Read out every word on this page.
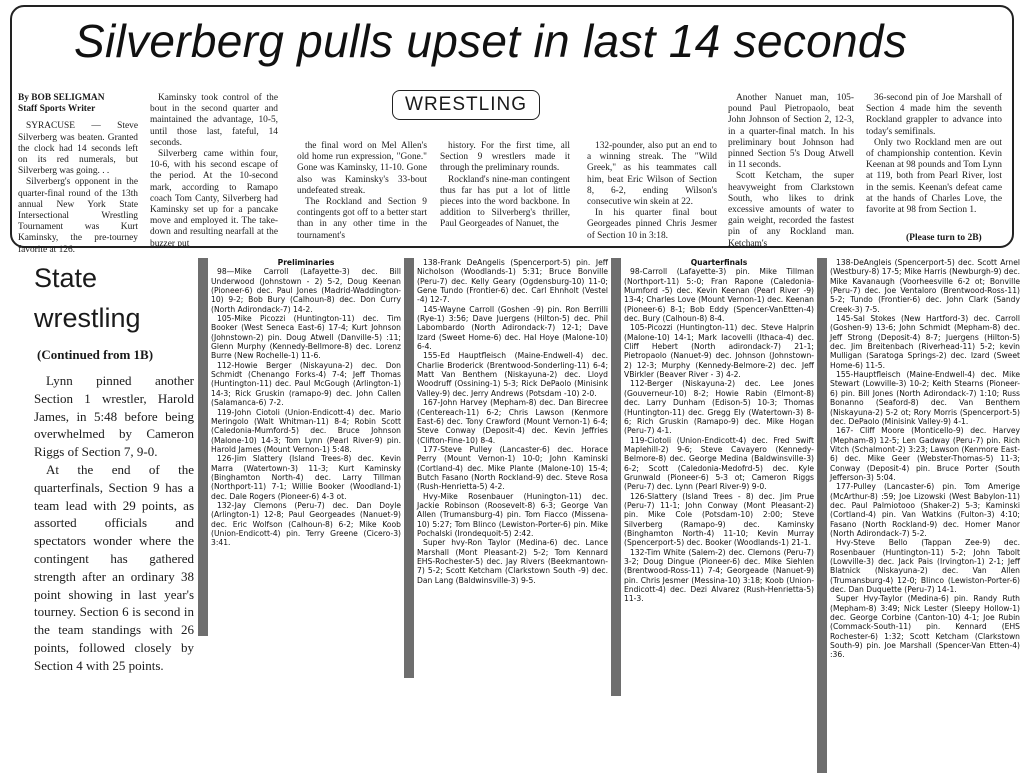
Silverberg pulls upset in last 14 seconds

By BOB SELIGMAN

Staff Sports Writer

SYRACUSE — Steve Silverberg was beaten. Granted the clock had 14 seconds left on its red numerals, but Silverberg was going. . .

Silverberg's opponent in the quarter-final round of the 13th annual New York State Intersectional Wrestling Tournament was Kurt Kaminsky, the pre-tourney favorite at 126.

Kaminsky took control of the bout in the second quarter and maintained the advantage, 10-5, until those last, fateful, 14 seconds.

Silverberg came within four, 10-6, with his second escape of the period. At the 10-second mark, according to Ramapo coach Tom Canty, Silverberg had Kaminsky set up for a pancake move and employed it. The take-down and resulting nearfall at the buzzer put

WRESTLING

the final word on Mel Allen's old home run expression, "Gone." Gone was Kaminsky, 11-10. Gone also was Kaminsky's 33-bout undefeated streak.

The Rockland and Section 9 contingents got off to a better start than in any other time in the tournament's

history. For the first time, all Section 9 wrestlers made it through the preliminary rounds.

Rockland's nine-man contingent thus far has put a lot of little pieces into the word backbone. In addition to Silverberg's thriller, Paul Georgeades of Nanuet, the

132-pounder, also put an end to a winning streak. The "Wild Greek," as his teammates call him, beat Eric Wilson of Section 8, 6-2, ending Wilson's consecutive win skein at 22.

In his quarter final bout Georgeades pinned Chris Jesmer of Section 10 in 3:18.

Another Nanuet man, 105-pound Paul Pietropaolo, beat John Johnson of Section 2, 12-3, in a quarter-final match. In his preliminary bout Johnson had pinned Section 5's Doug Atwell in 11 seconds.

Scott Ketcham, the super heavyweight from Clarkstown South, who likes to drink excessive amounts of water to gain weight, recorded the fastest pin of any Rockland man. Ketcham's

36-second pin of Joe Marshall of Section 4 made him the seventh Rockland grappler to advance into today's semifinals.

Only two Rockland men are out of championship contention. Kevin Keenan at 98 pounds and Tom Lynn at 119, both from Pearl River, lost in the semis. Keenan's defeat came at the hands of Charles Love, the favorite at 98 from Section 1.

(Please turn to 2B)
State wrestling
(Continued from 1B)

Lynn pinned another Section 1 wrestler, Harold James, in 5:48 before being overwhelmed by Cameron Riggs of Section 7, 9-0.

At the end of the quarterfinals, Section 9 has a team lead with 29 points, as assorted officials and spectators wonder where the contingent has gathered strength after an ordinary 38 point showing in last year's tourney. Section 6 is second in the team standings with 26 points, followed closely by Section 4 with 25 points.

Preliminaries

98—Mike Carroll (Lafayette-3) dec. Bill Underwood (Johnstown - 2) 5-2, Doug Keenan (Pioneer-6) dec. Paul Jones (Madrid-Waddington-10) 9-2; Bob Bury (Calhoun-8) dec. Don Curry (North Adirondack-7) 14-2.

105-Mike Picozzi (Huntington-11) dec. Tim Booker (West Seneca East-6) 17-4; Kurt Johnson (Johnstown-2) pin. Doug Atwell (Danville-5) :11; Glenn Murphy (Kennedy-Bellmore-8) dec. Lorenz Burre (New Rochelle-1) 11-6.

112-Howie Berger (Niskayuna-2) dec. Don Schmidt (Chenango Forks-4) 7-4; Jeff Thomas (Huntington-11) dec. Paul McGough (Arlington-1) 14-3; Rick Gruskin (ramapo-9) dec. John Callen (Salamanca-6) 7-2.

119-John Ciotoli (Union-Endicott-4) dec. Mario Meringolo (Walt Whitman-11) 8-4; Robin Scott (Caledonia-Mumford-5) dec. Bruce Johnson (Malone-10) 14-3; Tom Lynn (Pearl River-9) pin. Harold James (Mount Vernon-1) 5:48.

126-Jim Slattery (Island Trees-8) dec. Kevin Marra (Watertown-3) 11-3; Kurt Kaminsky (Binghamton North-4) dec. Larry Tillman (Northport-11) 7-1; Willie Booker (Woodland-1) dec. Dale Rogers (Pioneer-6) 4-3 ot.

132-Jay Clemons (Peru-7) dec. Dan Doyle (Arlington-1) 12-8; Paul Georgeades (Nanuet-9) dec. Eric Wolfson (Calhoun-8) 6-2; Mike Koob (Union-Endicott-4) pin. Terry Greene (Cicero-3) 3:41.

138-Frank DeAngelis (Spencerport-5) pin. Jeff Nicholson (Woodlands-1) 5:31; Bruce Bonville (Peru-7) dec. Kelly Geary (Ogdensburg-10) 11-0; Gene Tundo (Frontier-6) dec. Carl Ehnholt (Vestel -4) 12-7.

145-Wayne Carroll (Goshen -9) pin. Ron Berrilli (Rye-1) 3:56; Dave Juergens (Hilton-5) dec. Phil Labombardo (North Adirondack-7) 12-1; Dave Izard (Sweet Home-6) dec. Hal Hoye (Malone-10) 6-4.

155-Ed Hauptfleisch (Maine-Endwell-4) dec. Charlie Broderick (Brentwood-Sonderling-11) 6-4; Matt Van Benthem (Niskayuna-2) dec. Lloyd Woodruff (Ossining-1) 5-3; Rick DePaolo (Minisink Valley-9) dec. Jerry Andrews (Potsdam -10) 2-0.

167-John Harvey (Mepham-8) dec. Dan Birecree (Centereach-11) 6-2; Chris Lawson (Kenmore East-6) dec. Tony Crawford (Mount Vernon-1) 6-4; Steve Conway (Deposit-4) dec. Kevin Jeffries (Clifton-Fine-10) 8-4.

177-Steve Pulley (Lancaster-6) dec. Horace Perry (Mount Vernon-1) 10-0; John Kaminski (Cortland-4) dec. Mike Plante (Malone-10) 15-4; Butch Fasano (North Rockland-9) dec. Steve Rosa (Rush-Henrietta-5) 4-2.

Hvy-Mike Rosenbauer (Hunington-11) dec. Jackie Robinson (Roosevelt-8) 6-3; George Van Allen (Trumansburg-4) pin. Tom Fiacco (Missena-10) 5:27; Tom Blinco (Lewiston-Porter-6) pin. Mike Pochalski (Irondequoit-5) 2:42.

Super hvy-Ron Taylor (Medina-6) dec. Lance Marshall (Mont Pleasant-2) 5-2; Tom Kennard EHS-Rochester-5) dec. Jay Rivers (Beekmantown-7) 5-2; Scott Ketcham (Clarkstown South -9) dec. Dan Lang (Baldwinsville-3) 9-5.

Quarterfinals

98-Carroll (Lafayette-3) pin. Mike Tillman (Northport-11) 5:-0; Fran Rapone (Caledonia-Mumford -5) dec. Kevin Keenan (Pearl River -9) 13-4; Charles Love (Mount Vernon-1) dec. Keenan (Pioneer-6) 8-1; Bob Eddy (Spencer-VanEtten-4) dec. Bury (Calhoun-8) 8-4.

105-Picozzi (Huntington-11) dec. Steve Halprin (Malone-10) 14-1; Mark Iacovelli (Ithaca-4) dec. Cliff Hebert (North adirondack-7) 21-1; Pietropaolo (Nanuet-9) dec. Johnson (Johnstown-2) 12-3; Murphy (Kennedy-Belmore-2) dec. Jeff VBirkler (Beaver River - 3) 4-2.

112-Berger (Niskayuna-2) dec. Lee Jones (Gouverneur-10) 8-2; Howie Rabin (Elmont-8) dec. Larry Dunham (Edison-5) 10-3; Thomas (Huntington-11) dec. Gregg Ely (Watertown-3) 8-6; Rich Gruskin (Ramapo-9) dec. Mike Hogan (Peru-7) 4-1.

119-Ciotoli (Union-Endicott-4) dec. Fred Swift Maplehill-2) 9-6; Steve Cavayero (Kennedy-Belmore-8) dec. George Medina (Baldwinsville-3) 6-2; Scott (Caledonia-Medofrd-5) dec. Kyle Grunwald (Pioneer-6) 5-3 ot; Cameron Riggs (Peru-7) dec. Lynn (Pearl River-9) 9-0.

126-Slattery (Island Trees - 8) dec. Jim Prue (Peru-7) 11-1; John Conway (Mont Pleasant-2) pin. Mike Cole (Potsdam-10) 2:00; Steve Silverberg (Ramapo-9) dec. Kaminsky (Binghamton North-4) 11-10; Kevin Murray (Spencerport-5) dec. Booker (Woodlands-1) 21-1.

132-Tim White (Salem-2) dec. Clemons (Peru-7) 3-2; Doug Dingue (Pioneer-6) dec. Mike Siehlen (Brentwood-Ross-11) 7-4; Georgeade (Nanuet-9) pin. Chris Jesmer (Messina-10) 3:18; Koob (Union-Endicott-4) dec. Dezi Alvarez (Rush-Henrietta-5) 11-3.

138-DeAngleis (Spencerport-5) dec. Scott Arnel (Westbury-8) 17-5; Mike Harris (Newburgh-9) dec. Mike Kavanaugh (Voorheesville 6-2 ot; Bonville (Peru-7) dec. Joe Ventaloro (Brentwood-Ross-11) 5-2; Tundo (Frontier-6) dec. John Clark (Sandy Creek-3) 7-5.

145-Sal Stokes (New Hartford-3) dec. Carroll (Goshen-9) 13-6; John Schmidt (Mepham-8) dec. Jeff Strong (Deposit-4) 8-7; Juergens (Hilton-5) dec. Jim Breitenbach (Riverhead-11) 5-2; kevin Mulligan (Saratoga Springs-2) dec. Izard (Sweet Home-6) 11-5.

155-Hauptfleisch (Maine-Endwell-4) dec. Mike Stewart (Lowville-3) 10-2; Keith Stearns (Pioneer-6) pin. Bill Jones (North Adirondack-7) 1:10; Russ Bonanno (Seaford-8) dec. Van Benthem (Niskayuna-2) 5-2 ot; Rory Morris (Spencerport-5) dec. DePaolo (Minisink Valley-9) 4-1.

167- Cliff Moore (Monticello-9) dec. Harvey (Mepham-8) 12-5; Len Gadway (Peru-7) pin. Rich Vitch (Schalmont-2) 3:23; Lawson (Kenmore East-6) dec. Mike Geer (Webster-Thomas-5) 11-3; Conway (Deposit-4) pin. Bruce Porter (South Jefferson-3) 5:04.

177-Pulley (Lancaster-6) pin. Tom Amerige (McArthur-8) :59; Joe Lizowski (West Babylon-11) dec. Paul Palmiotooo (Shaker-2) 5-3; Kaminski (Cortland-4) pin. Van Watkins (Fulton-3) 4:10; Fasano (North Rockland-9) dec. Homer Manor (North Adirondack-7) 5-2.

Hvy-Steve Bello (Tappan Zee-9) dec. Rosenbauer (Huntington-11) 5-2; John Tabolt (Lowville-3) dec. Jack Pais (Irvington-1) 2-1; Jeff Blatnick (Niskayuna-2) dec. Van Allen (Trumansburg-4) 12-0; Blinco (Lewiston-Porter-6) dec. Dan Duquette (Peru-7) 14-1.

Super Hvy-Taylor (Medina-6) pin. Randy Ruth (Mepham-8) 3:49; Nick Lester (Sleepy Hollow-1) dec. George Corbine (Canton-10) 4-1; Joe Rubin (Commack-South-11) pin. Kennard (EHS Rochester-6) 1:32; Scott Ketcham (Clarkstown South-9) pin. Joe Marshall (Spencer-Van Etten-4) :36.
